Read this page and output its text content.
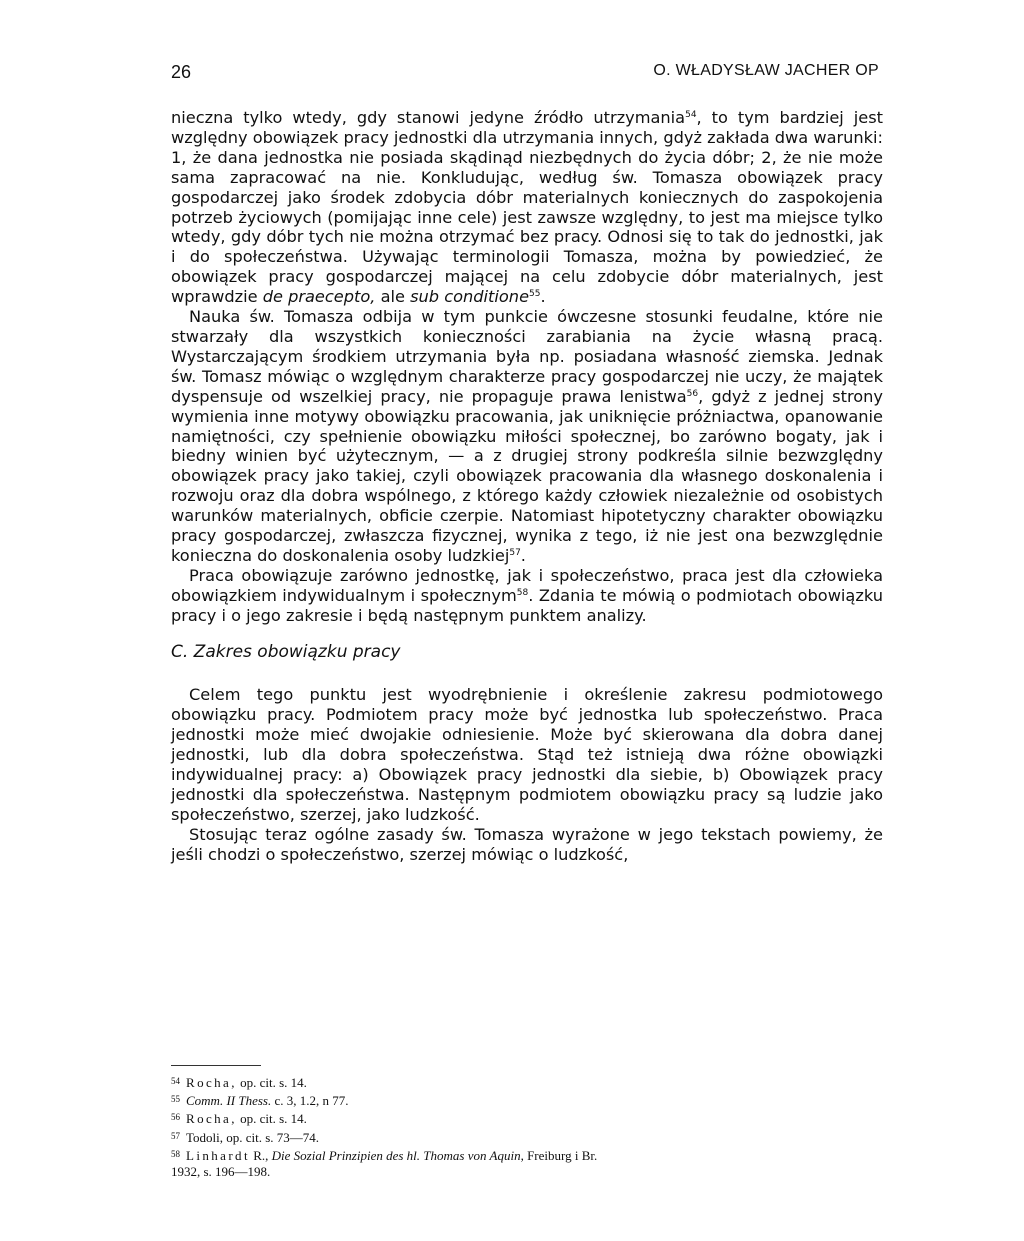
26	O. WŁADYSŁAW JACHER OP

nieczna tylko wtedy, gdy stanowi jedyne źródło utrzymania$^{54}$, to tym bardziej jest względny obowiązek pracy jednostki dla utrzymania innych, gdyż zakłada dwa warunki: 1, że dana jednostka nie posiada skądinąd niezbędnych do życia dóbr; 2, że nie może sama zapracować na nie. Konkludując, według św. Tomasza obowiązek pracy gospodarczej jako środek zdobycia dóbr materialnych koniecznych do zaspokojenia potrzeb życiowych (pomijając inne cele) jest zawsze względny, to jest ma miejsce tylko wtedy, gdy dóbr tych nie można otrzymać bez pracy. Odnosi się to tak do jednostki, jak i do społeczeństwa. Używając terminologii Tomasza, można by powiedzieć, że obowiązek pracy gospodarczej mającej na celu zdobycie dóbr materialnych, jest wprawdzie de praecepto, ale sub conditione$^{55}$.

Nauka św. Tomasza odbija w tym punkcie ówczesne stosunki feudalne, które nie stwarzały dla wszystkich konieczności zarabiania na życie własną pracą. Wystarczającym środkiem utrzymania była np. posiadana własność ziemska. Jednak św. Tomasz mówiąc o względnym charakterze pracy gospodarczej nie uczy, że majątek dyspensuje od wszelkiej pracy, nie propaguje prawa lenistwa$^{56}$, gdyż z jednej strony wymienia inne motywy obowiązku pracowania, jak uniknięcie próżniactwa, opanowanie namiętności, czy spełnienie obowiązku miłości społecznej, bo zarówno bogaty, jak i biedny winien być użytecznym, — a z drugiej strony podkreśla silnie bezwzględny obowiązek pracy jako takiej, czyli obowiązek pracowania dla własnego doskonalenia i rozwoju oraz dla dobra wspólnego, z którego każdy człowiek niezależnie od osobistych warunków materialnych, obficie czerpie. Natomiast hipotetyczny charakter obowiązku pracy gospodarczej, zwłaszcza fizycznej, wynika z tego, iż nie jest ona bezwzględnie konieczna do doskonalenia osoby ludzkiej$^{57}$.

Praca obowiązuje zarówno jednostkę, jak i społeczeństwo, praca jest dla człowieka obowiązkiem indywidualnym i społecznym$^{58}$. Zdania te mówią o podmiotach obowiązku pracy i o jego zakresie i będą następnym punktem analizy.

C. Zakres obowiązku pracy

Celem tego punktu jest wyodrębnienie i określenie zakresu podmiotowego obowiązku pracy. Podmiotem pracy może być jednostka lub społeczeństwo. Praca jednostki może mieć dwojakie odniesienie. Może być skierowana dla dobra danej jednostki, lub dla dobra społeczeństwa. Stąd też istnieją dwa różne obowiązki indywidualnej pracy: a) Obowiązek pracy jednostki dla siebie, b) Obowiązek pracy jednostki dla społeczeństwa. Następnym podmiotem obowiązku pracy są ludzie jako społeczeństwo, szerzej, jako ludzkość.

Stosując teraz ogólne zasady św. Tomasza wyrażone w jego tekstach powiemy, że jeśli chodzi o społeczeństwo, szerzej mówiąc o ludzkość,

$^{54}$ Rocha, op. cit. s. 14.
$^{55}$ Comm. II Thess. c. 3, 1.2, n 77.
$^{56}$ Rocha, op. cit. s. 14.
$^{57}$ Todoli, op. cit. s. 73—74.
$^{58}$ Linhardt R., Die Sozial Prinzipien des hl. Thomas von Aquin, Freiburg i Br.
1932, s. 196—198.
